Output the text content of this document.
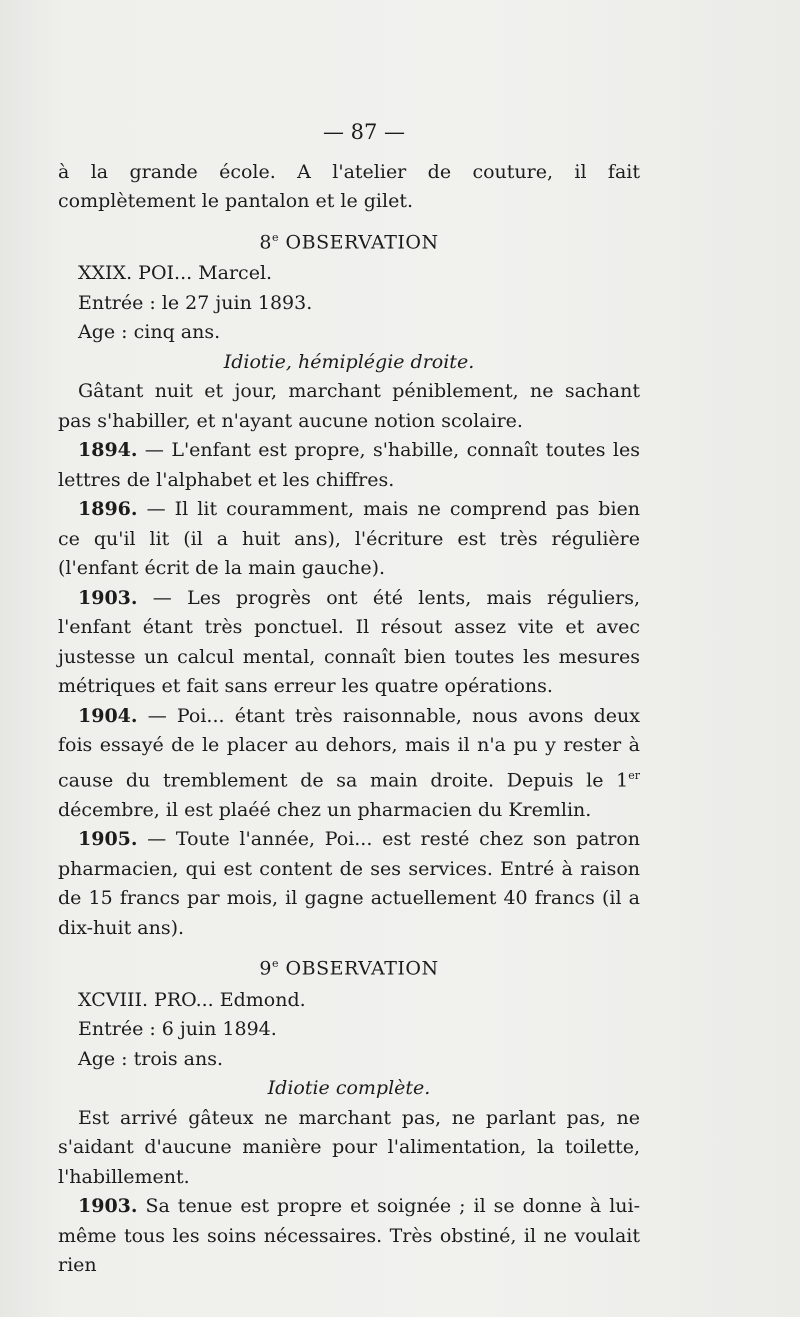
— 87 —

à la grande école. A l'atelier de couture, il fait complètement le pantalon et le gilet.

8e OBSERVATION
XXIX. POI... Marcel.
Entrée : le 27 juin 1893.
Age : cinq ans.
Idiotie, hémiplégie droite.

Gâtant nuit et jour, marchant péniblement, ne sachant pas s'habiller, et n'ayant aucune notion scolaire.

1894. — L'enfant est propre, s'habille, connaît toutes les lettres de l'alphabet et les chiffres.

1896. — Il lit couramment, mais ne comprend pas bien ce qu'il lit (il a huit ans), l'écriture est très régulière (l'enfant écrit de la main gauche).

1903. — Les progrès ont été lents, mais réguliers, l'enfant étant très ponctuel. Il résout assez vite et avec justesse un calcul mental, connaît bien toutes les mesures métriques et fait sans erreur les quatre opérations.

1904. — Poi... étant très raisonnable, nous avons deux fois essayé de le placer au dehors, mais il n'a pu y rester à cause du tremblement de sa main droite. Depuis le 1er décembre, il est plaéé chez un pharmacien du Kremlin.

1905. — Toute l'année, Poi... est resté chez son patron pharmacien, qui est content de ses services. Entré à raison de 15 francs par mois, il gagne actuellement 40 francs (il a dix-huit ans).

9e OBSERVATION
XCVIII. PRO... Edmond.
Entrée : 6 juin 1894.
Age : trois ans.
Idiotie complète.

Est arrivé gâteux ne marchant pas, ne parlant pas, ne s'aidant d'aucune manière pour l'alimentation, la toilette, l'habillement.

1903. Sa tenue est propre et soignée ; il se donne à lui-même tous les soins nécessaires. Très obstiné, il ne voulait rien
